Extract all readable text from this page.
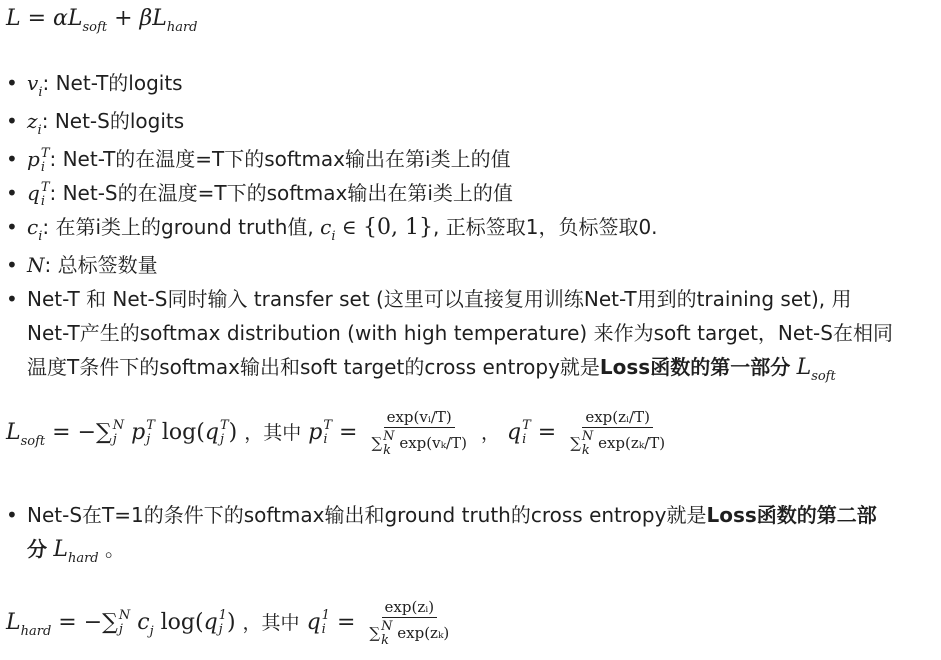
$L = \alpha L_{soft} + \beta L_{hard}$
• $v_i$: Net-T的logits
• $z_i$: Net-S的logits
• p T
i : Net-T的在温度=T下的softmax输出在第i类上的值
• q T
i : Net-S的在温度=T下的softmax输出在第i类上的值
• $c_i$: 在第i类上的ground truth值, $c_i$ ∈ {0, 1}, 正标签取1，负标签取0.
• N: 总标签数量
• Net-T 和 Net-S同时输入 transfer set (这里可以直接复用训练Net-T用到的training set), 用
Net-T产生的softmax distribution (with high temperature) 来作为soft target，Net-S在相同
温度T条件下的softmax输出和soft target的cross entropy就是Loss函数的第一部分 $L_{soft}$
$L_{soft}$ = −∑ N
j p T
j log(q T
j ) ，其中 p T
i = exp(vᵢ/T)
∑ N
k exp(vₖ/T) ， q T
i = exp(zᵢ/T)
∑ N
k exp(zₖ/T)
• Net-S在T=1的条件下的softmax输出和ground truth的cross entropy就是Loss函数的第二部
分 $L_{hard}$ 。
$L_{hard}$ = −∑ N
j $c_j$ log(q 1
j ) ，其中 q 1
i = exp(zᵢ)
∑ N
k exp(zₖ)
